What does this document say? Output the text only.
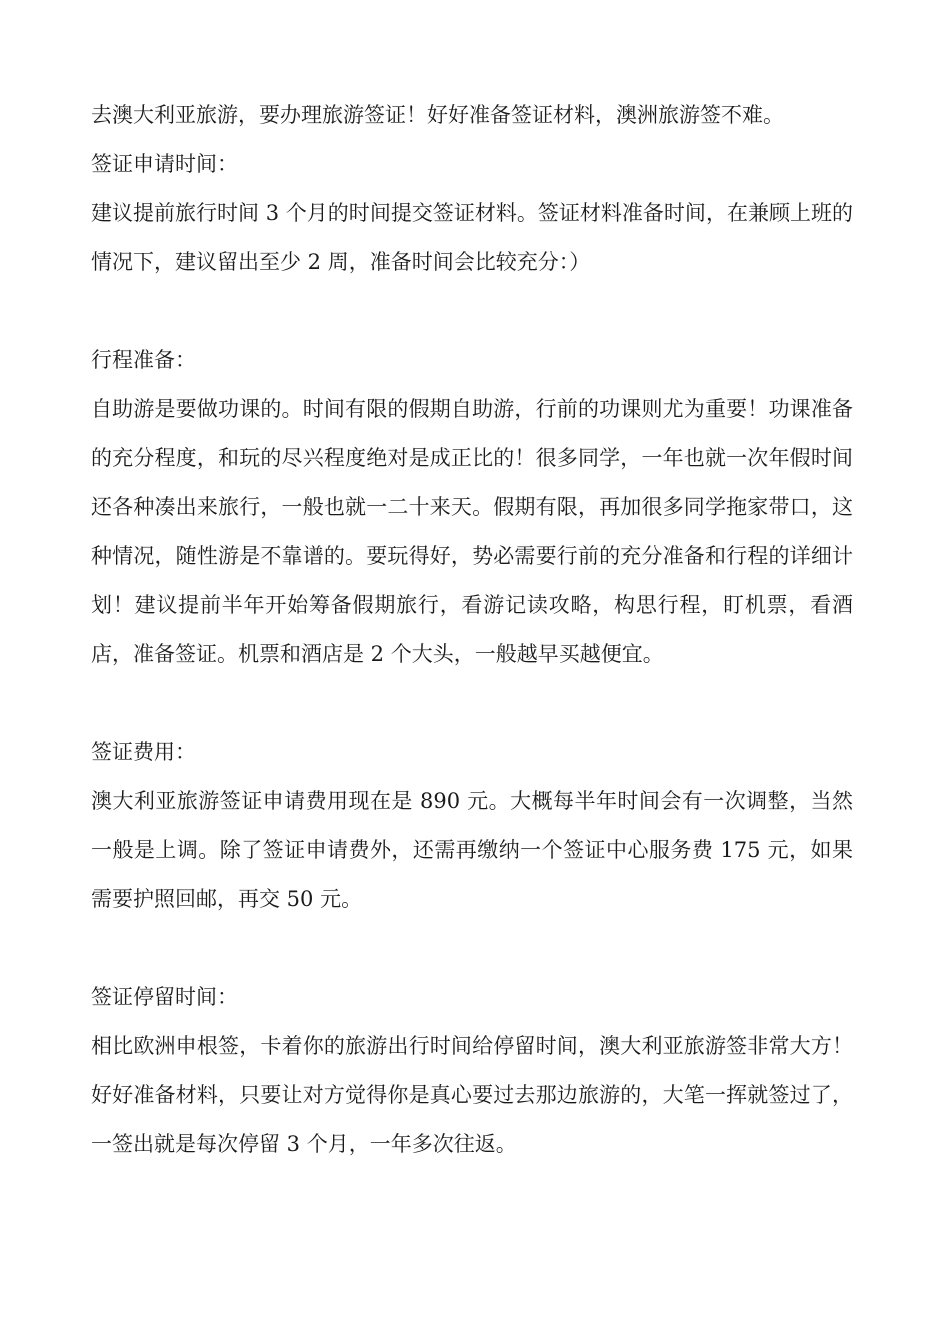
去澳大利亚旅游，要办理旅游签证！好好准备签证材料，澳洲旅游签不难。

签证申请时间：

建议提前旅行时间 3 个月的时间提交签证材料。签证材料准备时间，在兼顾上班的情况下，建议留出至少 2 周，准备时间会比较充分：）

行程准备：

自助游是要做功课的。时间有限的假期自助游，行前的功课则尤为重要！功课准备的充分程度，和玩的尽兴程度绝对是成正比的！很多同学，一年也就一次年假时间还各种凑出来旅行，一般也就一二十来天。假期有限，再加很多同学拖家带口，这种情况，随性游是不靠谱的。要玩得好，势必需要行前的充分准备和行程的详细计划！建议提前半年开始筹备假期旅行，看游记读攻略，构思行程，盯机票，看酒店，准备签证。机票和酒店是 2 个大头，一般越早买越便宜。

签证费用：

澳大利亚旅游签证申请费用现在是 890 元。大概每半年时间会有一次调整，当然一般是上调。除了签证申请费外，还需再缴纳一个签证中心服务费 175 元，如果需要护照回邮，再交 50 元。

签证停留时间：

相比欧洲申根签，卡着你的旅游出行时间给停留时间，澳大利亚旅游签非常大方！好好准备材料，只要让对方觉得你是真心要过去那边旅游的，大笔一挥就签过了，一签出就是每次停留 3 个月，一年多次往返。
